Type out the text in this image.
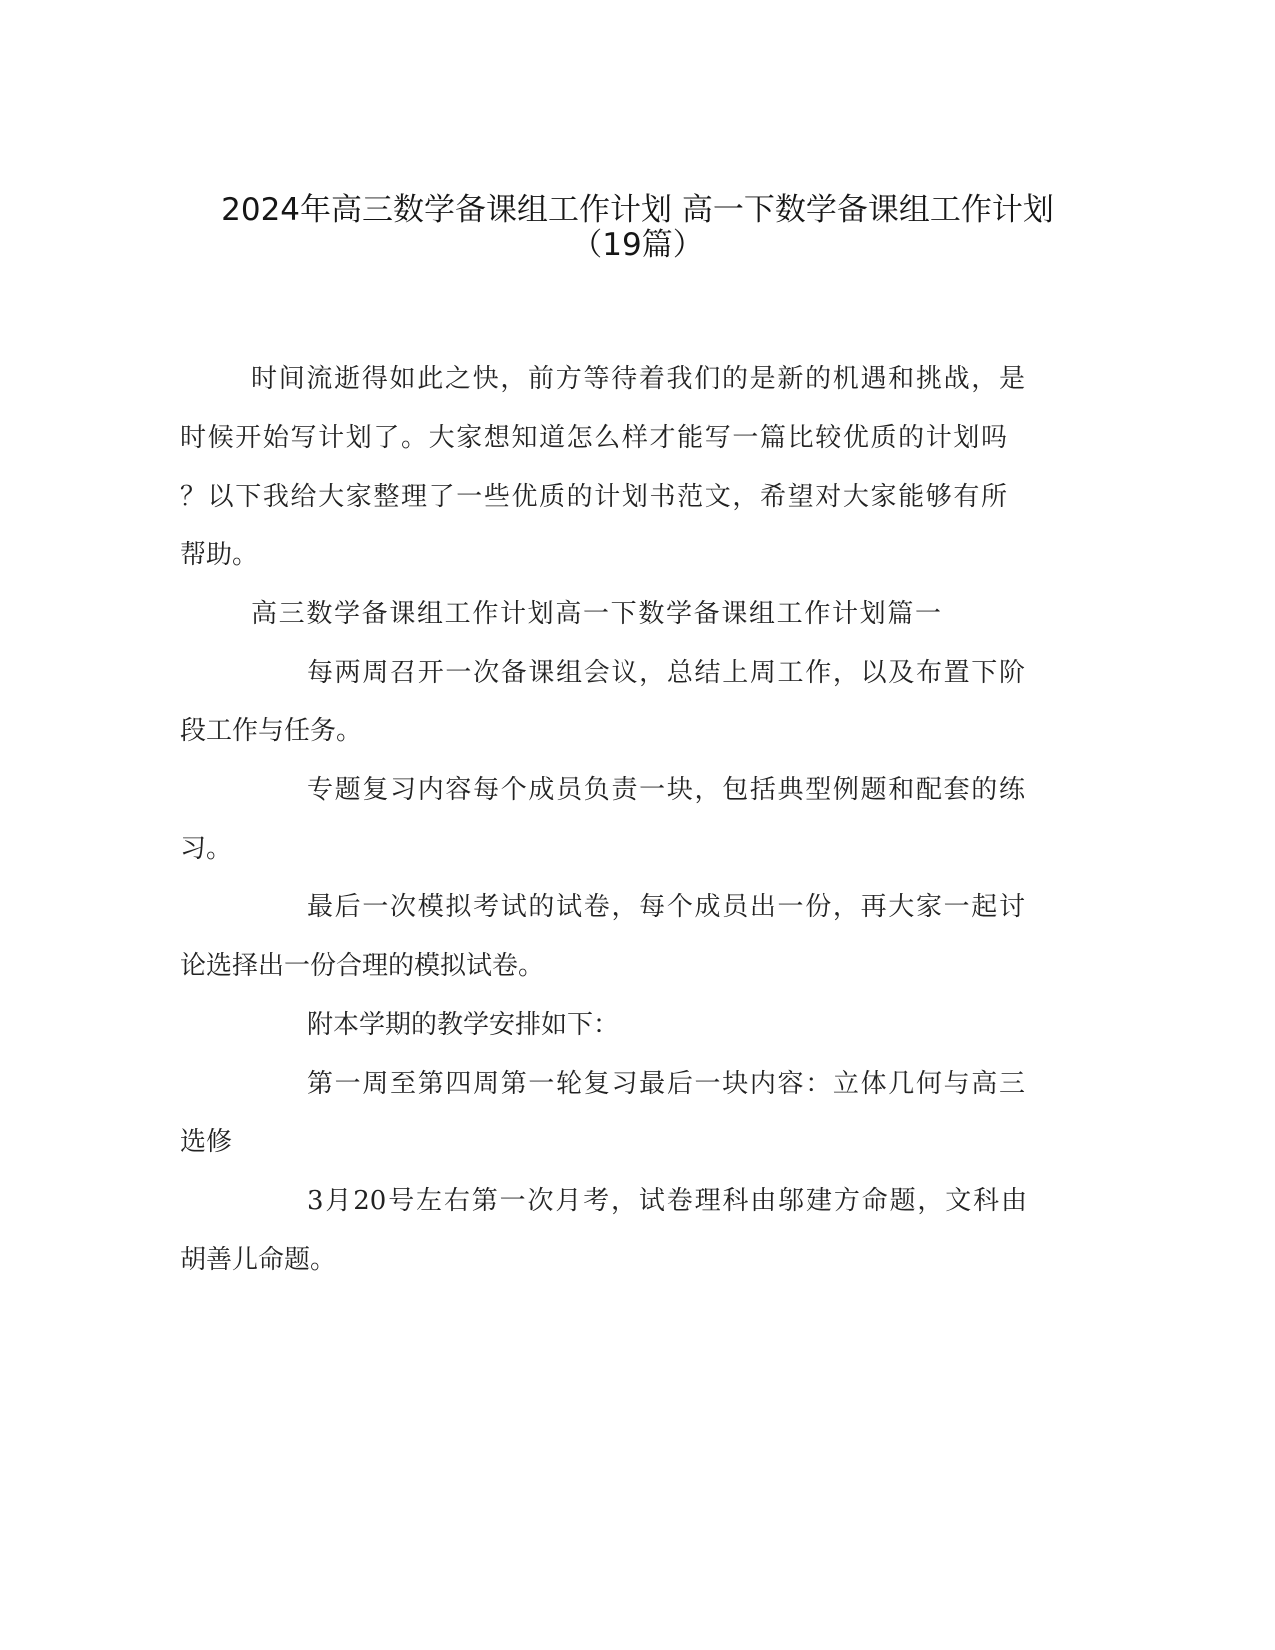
2024年高三数学备课组工作计划 高一下数学备课组工作计划
（19篇）

时间流逝得如此之快，前方等待着我们的是新的机遇和挑战，是

时候开始写计划了。大家想知道怎么样才能写一篇比较优质的计划吗

？以下我给大家整理了一些优质的计划书范文，希望对大家能够有所

帮助。

高三数学备课组工作计划高一下数学备课组工作计划篇一

每两周召开一次备课组会议，总结上周工作，以及布置下阶

段工作与任务。

专题复习内容每个成员负责一块，包括典型例题和配套的练

习。

最后一次模拟考试的试卷，每个成员出一份，再大家一起讨

论选择出一份合理的模拟试卷。

附本学期的教学安排如下：

第一周至第四周第一轮复习最后一块内容：立体几何与高三

选修

3月20号左右第一次月考，试卷理科由邬建方命题，文科由

胡善儿命题。
